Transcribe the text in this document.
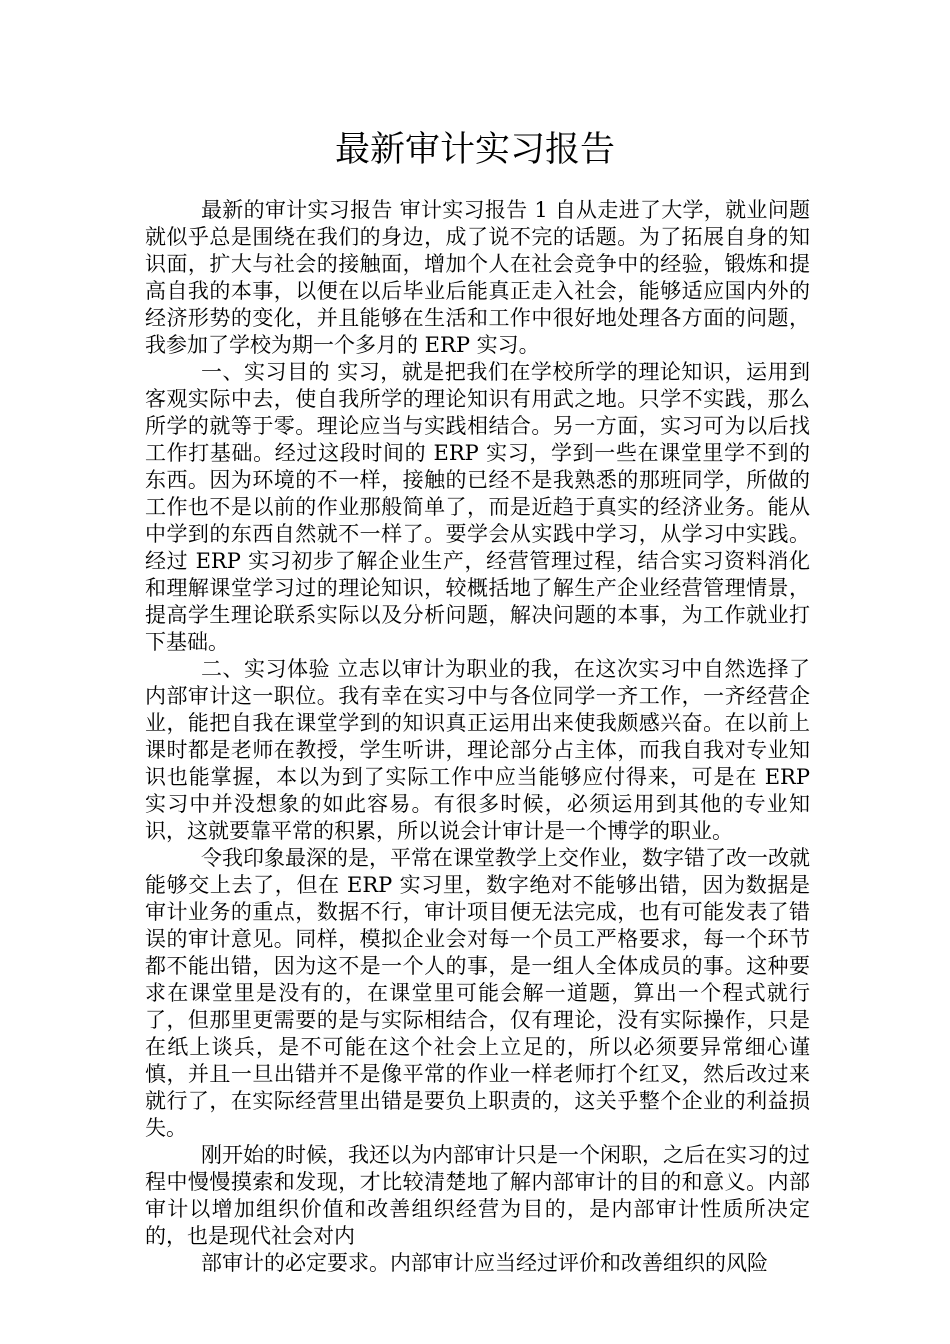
最新审计实习报告

最新的审计实习报告 审计实习报告 1 自从走进了大学，就业问题就似乎总是围绕在我们的身边，成了说不完的话题。为了拓展自身的知识面，扩大与社会的接触面，增加个人在社会竞争中的经验，锻炼和提高自我的本事，以便在以后毕业后能真正走入社会，能够适应国内外的经济形势的变化，并且能够在生活和工作中很好地处理各方面的问题，我参加了学校为期一个多月的 ERP 实习。

一、实习目的 实习，就是把我们在学校所学的理论知识，运用到客观实际中去，使自我所学的理论知识有用武之地。只学不实践，那么所学的就等于零。理论应当与实践相结合。另一方面，实习可为以后找工作打基础。经过这段时间的 ERP 实习，学到一些在课堂里学不到的东西。因为环境的不一样，接触的已经不是我熟悉的那班同学，所做的工作也不是以前的作业那般简单了，而是近趋于真实的经济业务。能从中学到的东西自然就不一样了。要学会从实践中学习，从学习中实践。经过 ERP 实习初步了解企业生产，经营管理过程，结合实习资料消化和理解课堂学习过的理论知识，较概括地了解生产企业经营管理情景，提高学生理论联系实际以及分析问题，解决问题的本事，为工作就业打下基础。

二、实习体验 立志以审计为职业的我，在这次实习中自然选择了内部审计这一职位。我有幸在实习中与各位同学一齐工作，一齐经营企业，能把自我在课堂学到的知识真正运用出来使我颇感兴奋。在以前上课时都是老师在教授，学生听讲，理论部分占主体，而我自我对专业知识也能掌握，本以为到了实际工作中应当能够应付得来，可是在 ERP 实习中并没想象的如此容易。有很多时候，必须运用到其他的专业知识，这就要靠平常的积累，所以说会计审计是一个博学的职业。

令我印象最深的是，平常在课堂教学上交作业，数字错了改一改就能够交上去了，但在 ERP 实习里，数字绝对不能够出错，因为数据是审计业务的重点，数据不行，审计项目便无法完成，也有可能发表了错误的审计意见。同样，模拟企业会对每一个员工严格要求，每一个环节都不能出错，因为这不是一个人的事，是一组人全体成员的事。这种要求在课堂里是没有的，在课堂里可能会解一道题，算出一个程式就行了，但那里更需要的是与实际相结合，仅有理论，没有实际操作，只是在纸上谈兵，是不可能在这个社会上立足的，所以必须要异常细心谨慎，并且一旦出错并不是像平常的作业一样老师打个红叉，然后改过来就行了，在实际经营里出错是要负上职责的，这关乎整个企业的利益损失。

刚开始的时候，我还以为内部审计只是一个闲职，之后在实习的过程中慢慢摸索和发现，才比较清楚地了解内部审计的目的和意义。内部审计以增加组织价值和改善组织经营为目的，是内部审计性质所决定的，也是现代社会对内

部审计的必定要求。内部审计应当经过评价和改善组织的风险
